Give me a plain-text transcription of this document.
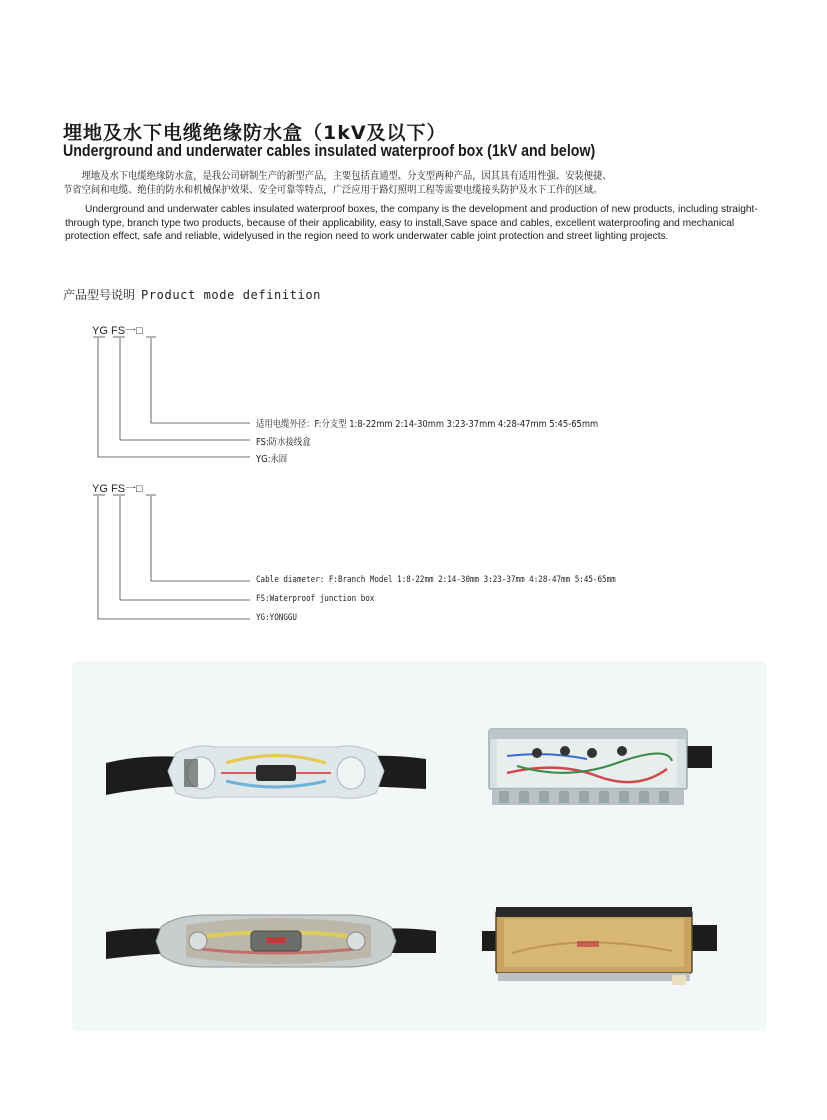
埋地及水下电缆绝缘防水盒（1kV及以下）
Underground and underwater cables insulated waterproof box (1kV and below)

　　埋地及水下电缆绝缘防水盒，是我公司研制生产的新型产品，主要包括直通型、分支型两种产品，因其具有适用性强、安装便捷、

节省空间和电缆、绝佳的防水和机械保护效果、安全可靠等特点，广泛应用于路灯照明工程等需要电缆接头防护及水下工作的区域。

Underground and underwater cables insulated waterproof boxes, the company is the development and production of new products, including straight-through type, branch type two products, because of their applicability, easy to install,Save space and cables, excellent waterproofing and mechanical protection effect, safe and reliable, widelyused in the region need to work underwater cable joint protection and street lighting projects.

产品型号说明 Product mode definition
YG FS一□
适用电缆外径：F:分支型 1:8-22mm 2:14-30mm 3:23-37mm 4:28-47mm 5:45-65mm
FS:防水接线盒
YG:永固
YG FS一□
Cable diameter: F:Branch Model 1:8-22mm 2:14-30mm 3:23-37mm 4:28-47mm 5:45-65mm
FS:Waterproof junction box
YG:YONGGU
